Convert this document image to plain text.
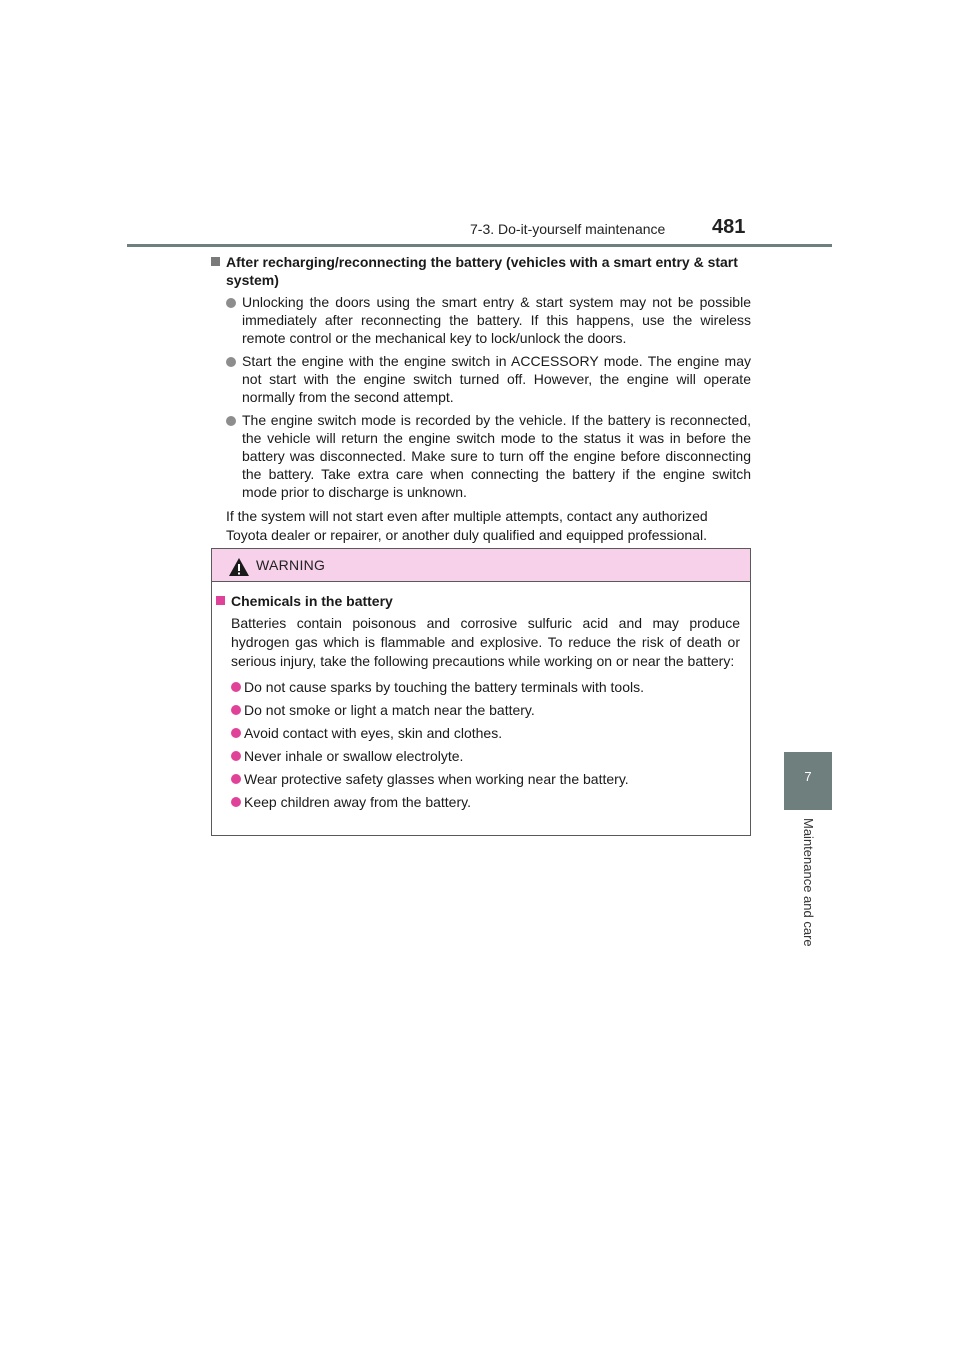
7-3. Do-it-yourself maintenance 481
7
Maintenance and care
After recharging/reconnecting the battery (vehicles with a smart entry & start system)
Unlocking the doors using the smart entry & start system may not be possible immediately after reconnecting the battery. If this happens, use the wireless remote control or the mechanical key to lock/unlock the doors.
Start the engine with the engine switch in ACCESSORY mode. The engine may not start with the engine switch turned off. However, the engine will operate normally from the second attempt.
The engine switch mode is recorded by the vehicle. If the battery is reconnected, the vehicle will return the engine switch mode to the status it was in before the battery was disconnected. Make sure to turn off the engine before disconnecting the battery. Take extra care when connecting the battery if the engine switch mode prior to discharge is unknown.
If the system will not start even after multiple attempts, contact any authorized Toyota dealer or repairer, or another duly qualified and equipped professional.
WARNING
Chemicals in the battery
Batteries contain poisonous and corrosive sulfuric acid and may produce hydrogen gas which is flammable and explosive. To reduce the risk of death or serious injury, take the following precautions while working on or near the battery:
Do not cause sparks by touching the battery terminals with tools.
Do not smoke or light a match near the battery.
Avoid contact with eyes, skin and clothes.
Never inhale or swallow electrolyte.
Wear protective safety glasses when working near the battery.
Keep children away from the battery.
